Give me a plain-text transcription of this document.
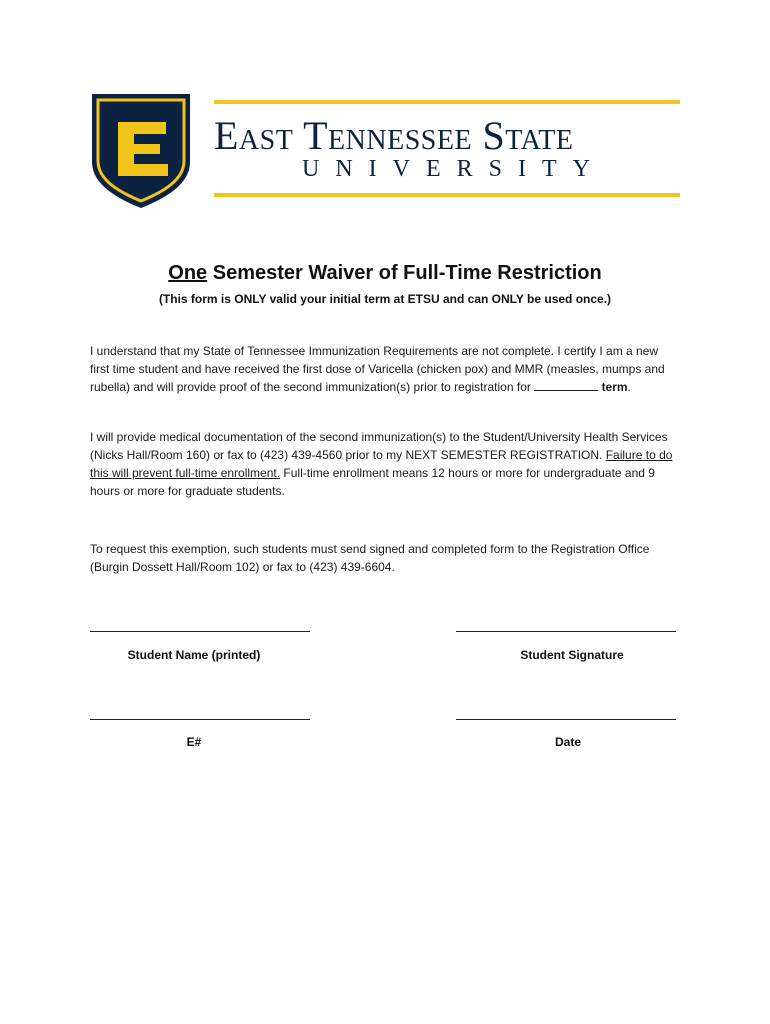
East Tennessee State
UNIVERSITY
One Semester Waiver of Full-Time Restriction
(This form is ONLY valid your initial term at ETSU and can ONLY be used once.)
I understand that my State of Tennessee Immunization Requirements are not complete. I certify I am a new first time student and have received the first dose of Varicella (chicken pox) and MMR (measles, mumps and rubella) and will provide proof of the second immunization(s) prior to registration for	term.
I will provide medical documentation of the second immunization(s) to the Student/University Health Services (Nicks Hall/Room 160) or fax to (423) 439-4560 prior to my NEXT SEMESTER REGISTRATION. Failure to do this will prevent full-time enrollment. Full-time enrollment means 12 hours or more for undergraduate and 9 hours or more for graduate students.
To request this exemption, such students must send signed and completed form to the Registration Office (Burgin Dossett Hall/Room 102) or fax to (423) 439-6604.
Student Name (printed)	Student Signature
E#	Date
